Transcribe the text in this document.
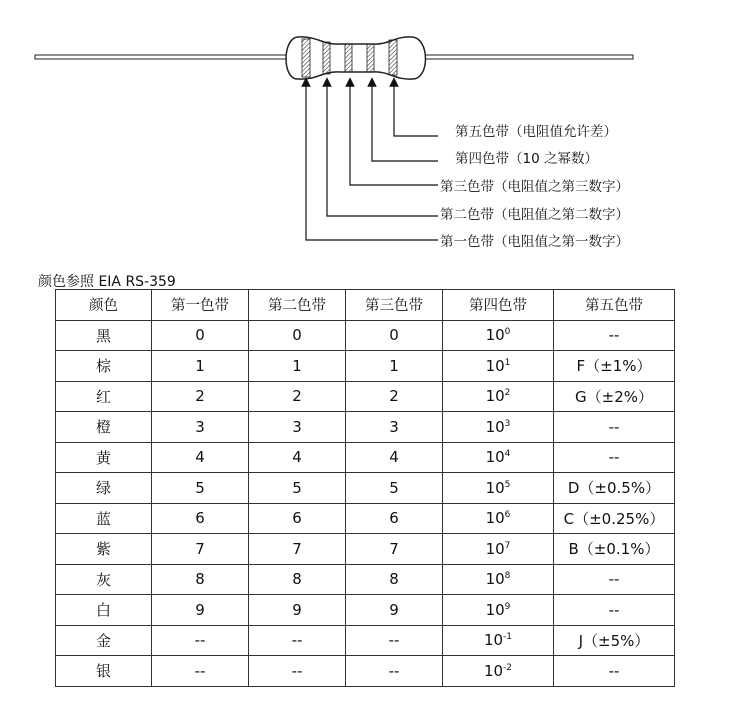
第五色带（电阻值允许差）
第四色带（10 之幂数）
第三色带（电阻值之第三数字）
第二色带（电阻值之第二数字）
第一色带（电阻值之第一数字）
颜色参照 EIA RS-359
颜色	第一色带	第二色带	第三色带	第四色带	第五色带
黑	0	0	0	$10^0$	--
棕	1	1	1	$10^1$	F（±1%）
红	2	2	2	$10^2$	G（±2%）
橙	3	3	3	$10^3$	--
黄	4	4	4	$10^4$	--
绿	5	5	5	$10^5$	D（±0.5%）
蓝	6	6	6	$10^6$	C（±0.25%）
紫	7	7	7	$10^7$	B（±0.1%）
灰	8	8	8	$10^8$	--
白	9	9	9	$10^9$	--
金	--	--	--	$10^{-1}$	J（±5%）
银	--	--	--	$10^{-2}$	--
